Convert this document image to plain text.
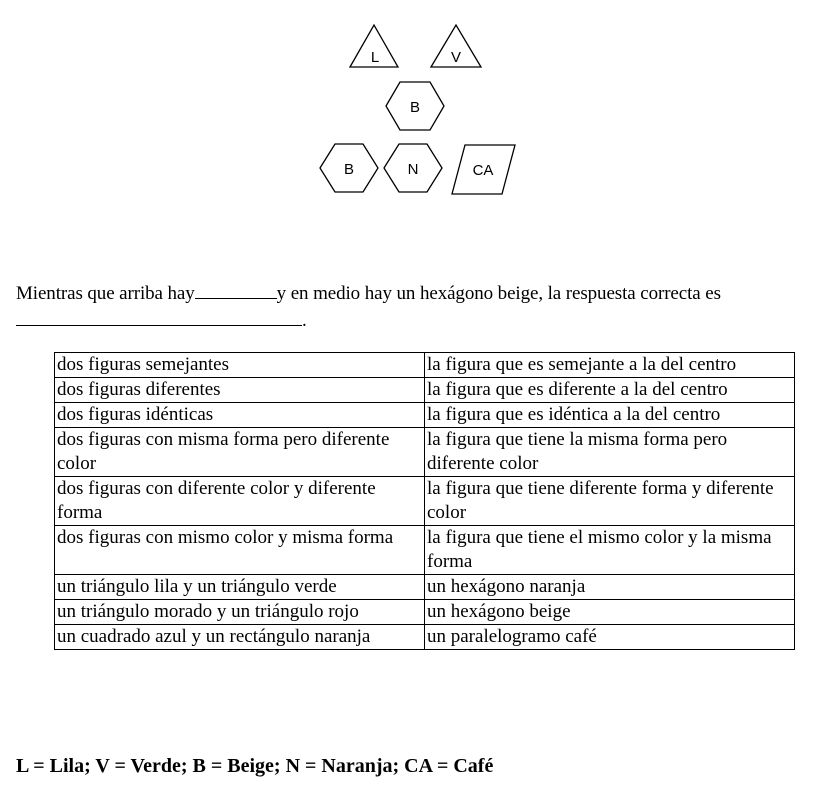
L	V
B
B	N	CA
Mientras que arriba hay	y en medio hay un hexágono beige, la respuesta correcta es
.
dos figuras semejantes	la figura que es semejante a la del centro
dos figuras diferentes	la figura que es diferente a la del centro
dos figuras idénticas	la figura que es idéntica a la del centro
dos figuras con misma forma pero diferente color	la figura que tiene la misma forma pero diferente color
dos figuras con diferente color y diferente forma	la figura que tiene diferente forma y diferente color
dos figuras con mismo color y misma forma	la figura que tiene el mismo color y la misma forma
un triángulo lila y un triángulo verde	un hexágono naranja
un triángulo morado y un triángulo rojo	un hexágono beige
un cuadrado azul y un rectángulo naranja	un paralelogramo café
L = Lila; V = Verde; B = Beige; N = Naranja; CA = Café
